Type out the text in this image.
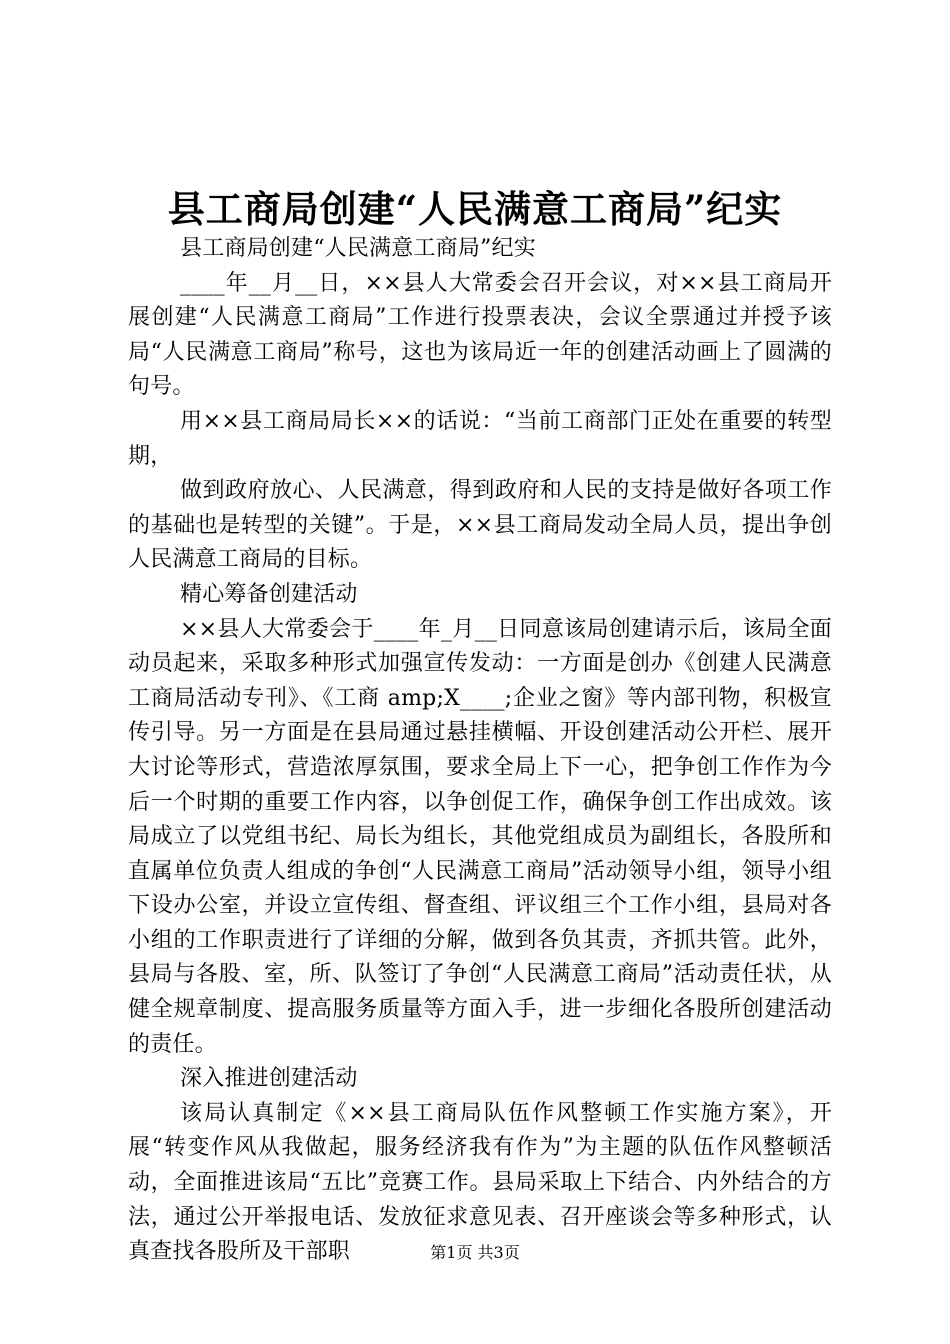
县工商局创建“人民满意工商局”纪实

县工商局创建“人民满意工商局”纪实

____年__月__日，××县人大常委会召开会议，对××县工商局开展创建“人民满意工商局”工作进行投票表决，会议全票通过并授予该局“人民满意工商局”称号，这也为该局近一年的创建活动画上了圆满的句号。

用××县工商局局长××的话说：“当前工商部门正处在重要的转型期，

做到政府放心、人民满意，得到政府和人民的支持是做好各项工作的基础也是转型的关键”。于是，××县工商局发动全局人员，提出争创人民满意工商局的目标。

精心筹备创建活动

××县人大常委会于____年_月__日同意该局创建请示后，该局全面动员起来，采取多种形式加强宣传发动：一方面是创办《创建人民满意工商局活动专刊》、《工商 amp;X____;企业之窗》等内部刊物，积极宣传引导。另一方面是在县局通过悬挂横幅、开设创建活动公开栏、展开大讨论等形式，营造浓厚氛围，要求全局上下一心，把争创工作作为今后一个时期的重要工作内容，以争创促工作，确保争创工作出成效。该局成立了以党组书纪、局长为组长，其他党组成员为副组长，各股所和直属单位负责人组成的争创“人民满意工商局”活动领导小组，领导小组下设办公室，并设立宣传组、督查组、评议组三个工作小组，县局对各小组的工作职责进行了详细的分解，做到各负其责，齐抓共管。此外，县局与各股、室，所、队签订了争创“人民满意工商局”活动责任状，从健全规章制度、提高服务质量等方面入手，进一步细化各股所创建活动的责任。

深入推进创建活动

该局认真制定《××县工商局队伍作风整顿工作实施方案》，开展“转变作风从我做起，服务经济我有作为”为主题的队伍作风整顿活动，全面推进该局“五比”竞赛工作。县局采取上下结合、内外结合的方法，通过公开举报电话、发放征求意见表、召开座谈会等多种形式，认真查找各股所及干部职	第1页 共3页
